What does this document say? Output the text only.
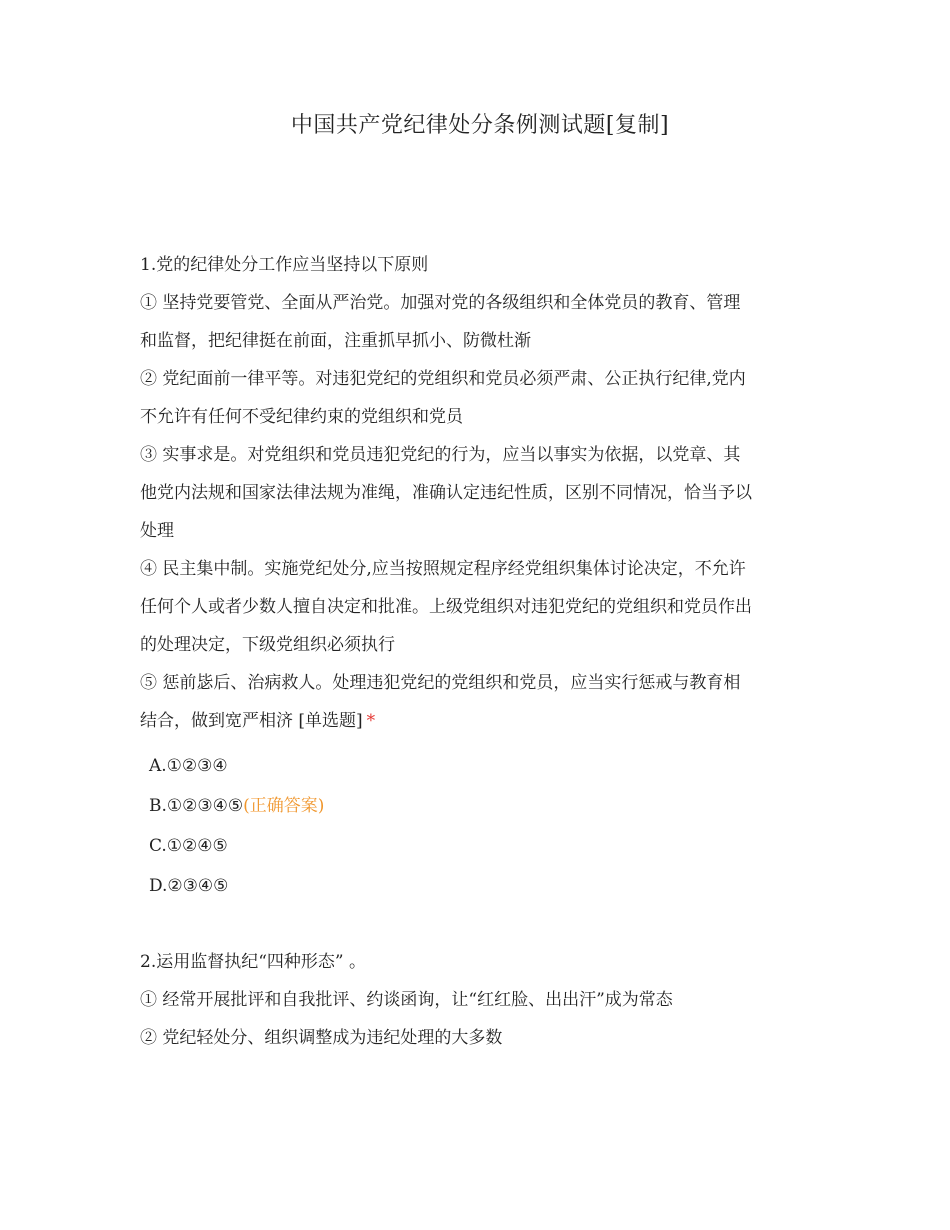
中国共产党纪律处分条例测试题[复制]
1.党的纪律处分工作应当坚持以下原则
① 坚持党要管党、全面从严治党。加强对党的各级组织和全体党员的教育、管理
和监督，把纪律挺在前面，注重抓早抓小、防微杜渐
② 党纪面前一律平等。对违犯党纪的党组织和党员必须严肃、公正执行纪律,党内
不允许有任何不受纪律约束的党组织和党员
③ 实事求是。对党组织和党员违犯党纪的行为，应当以事实为依据，以党章、其
他党内法规和国家法律法规为准绳，准确认定违纪性质，区别不同情况，恰当予以
处理
④ 民主集中制。实施党纪处分,应当按照规定程序经党组织集体讨论决定，不允许
任何个人或者少数人擅自决定和批准。上级党组织对违犯党纪的党组织和党员作出
的处理决定，下级党组织必须执行
⑤ 惩前毖后、治病救人。处理违犯党纪的党组织和党员，应当实行惩戒与教育相
结合，做到宽严相济 [单选题] *
A.①②③④
B.①②③④⑤(正确答案)
C.①②④⑤
D.②③④⑤
2.运用监督执纪“四种形态” 。
① 经常开展批评和自我批评、约谈函询，让“红红脸、出出汗”成为常态
② 党纪轻处分、组织调整成为违纪处理的大多数
